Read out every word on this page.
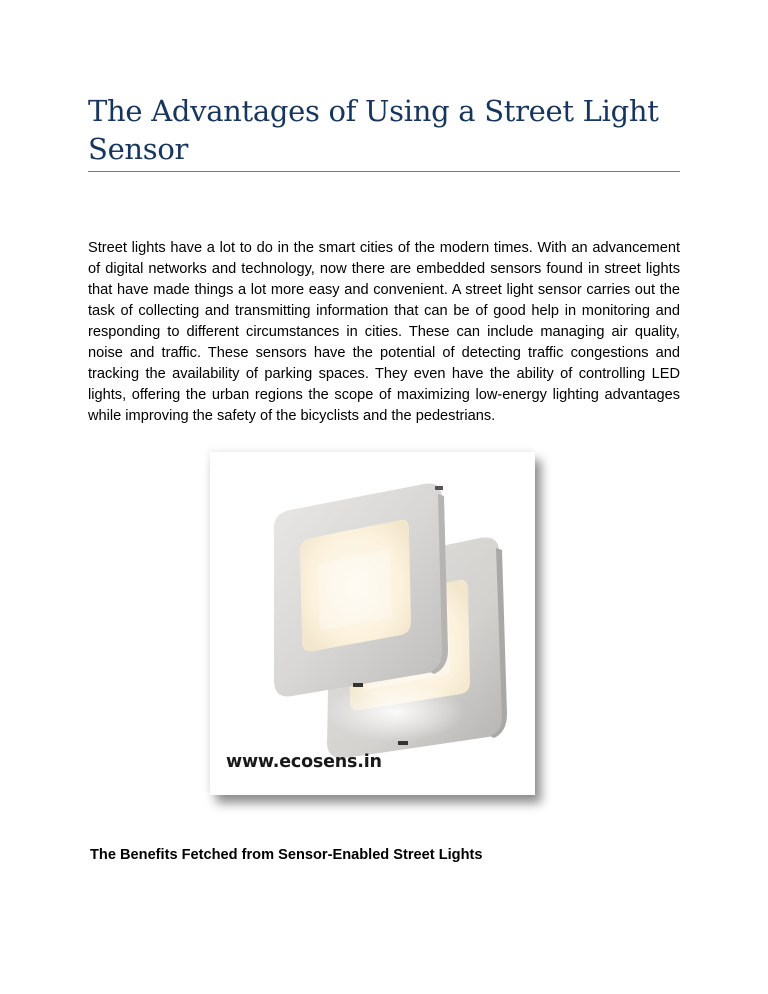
The Advantages of Using a Street Light Sensor

Street lights have a lot to do in the smart cities of the modern times. With an advancement of digital networks and technology, now there are embedded sensors found in street lights that have made things a lot more easy and convenient. A street light sensor carries out the task of collecting and transmitting information that can be of good help in monitoring and responding to different circumstances in cities. These can include managing air quality, noise and traffic. These sensors have the potential of detecting traffic congestions and tracking the availability of parking spaces. They even have the ability of controlling LED lights, offering the urban regions the scope of maximizing low-energy lighting advantages while improving the safety of the bicyclists and the pedestrians.

www.ecosens.in
The Benefits Fetched from Sensor-Enabled Street Lights
